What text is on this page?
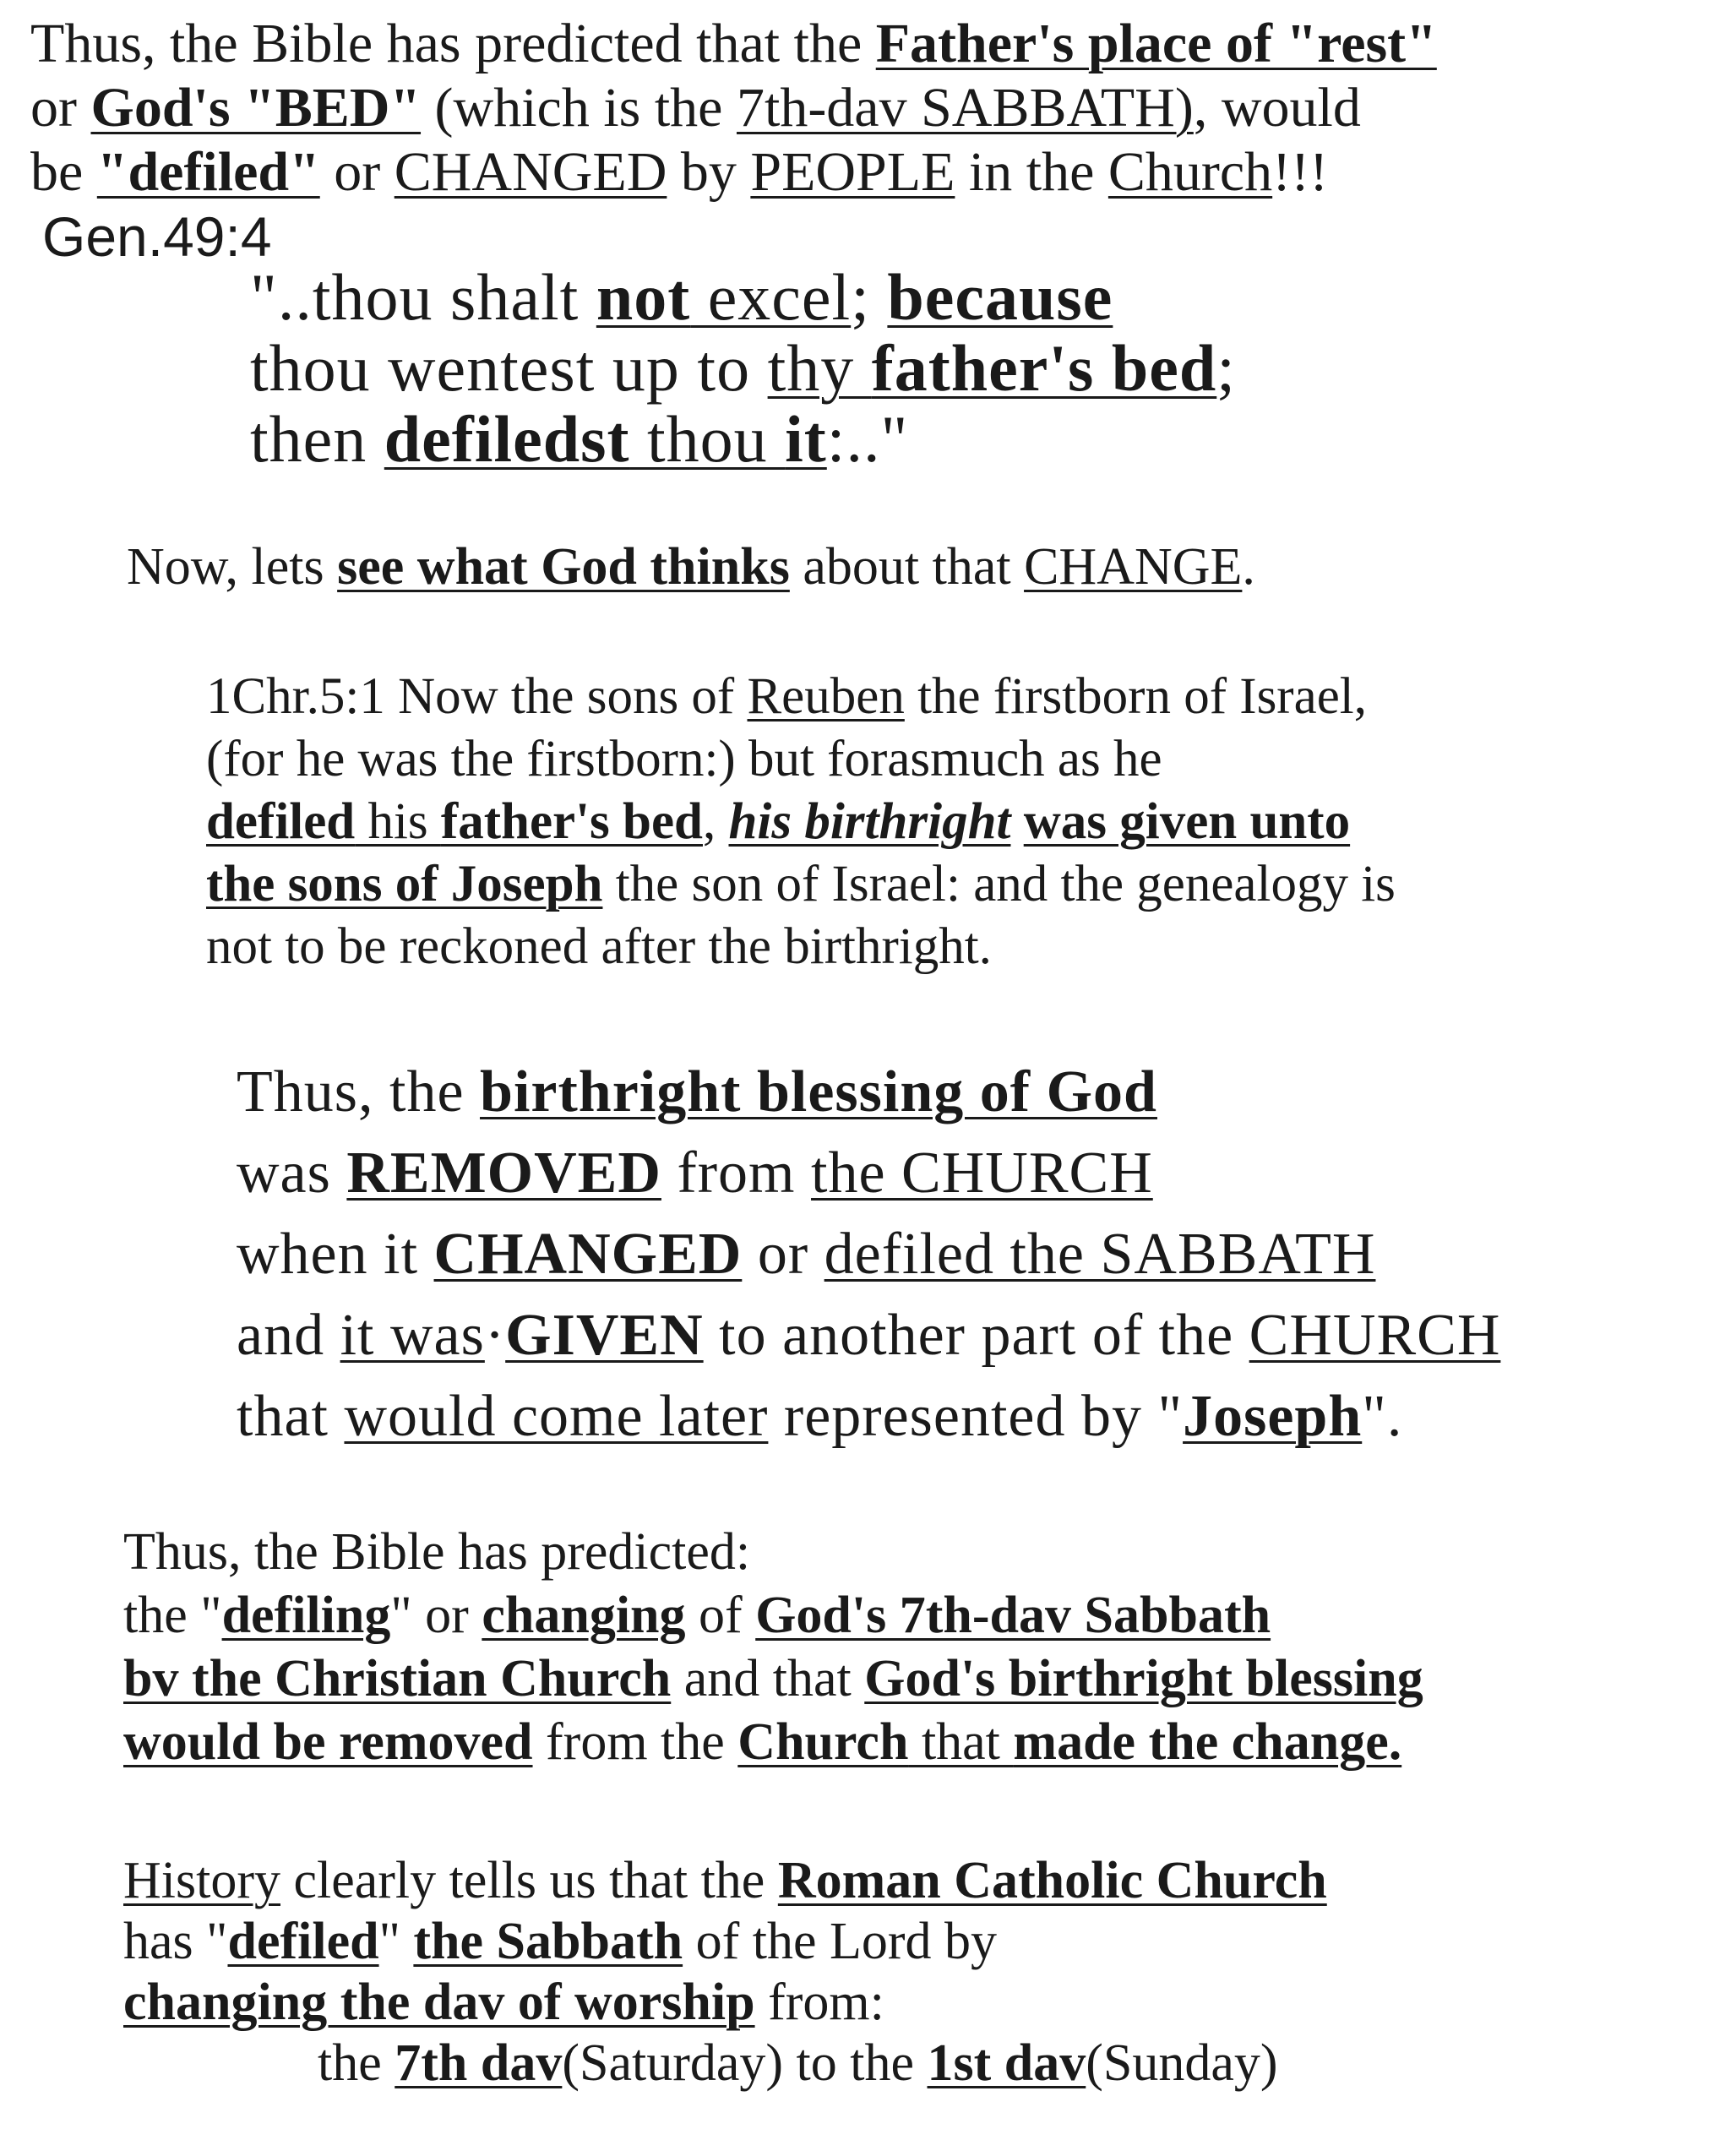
Thus, the Bible has predicted that the Father's place of "rest"
or God's "BED" (which is the 7th-dav SABBATH), would
be "defiled" or CHANGED by PEOPLE in the Church!!!
Gen.49:4
"..thou shalt not excel; because
thou wentest up to thy father's bed;
then defiledst thou it:.."
Now, lets see what God thinks about that CHANGE.
1Chr.5:1 Now the sons of Reuben the firstborn of Israel,
(for he was the firstborn:) but forasmuch as he
defiled his father's bed, his birthright was given unto
the sons of Joseph the son of Israel: and the genealogy is
not to be reckoned after the birthright.
Thus, the birthright blessing of God
was REMOVED from the CHURCH
when it CHANGED or defiled the SABBATH
and it was·GIVEN to another part of the CHURCH
that would come later represented by "Joseph".
Thus, the Bible has predicted:
the "defiling" or changing of God's 7th-dav Sabbath
bv the Christian Church and that God's birthright blessing
would be removed from the Church that made the change.
History clearly tells us that the Roman Catholic Church
has "defiled" the Sabbath of the Lord by
changing the dav of worship from:
the 7th dav(Saturday) to the 1st dav(Sunday)
